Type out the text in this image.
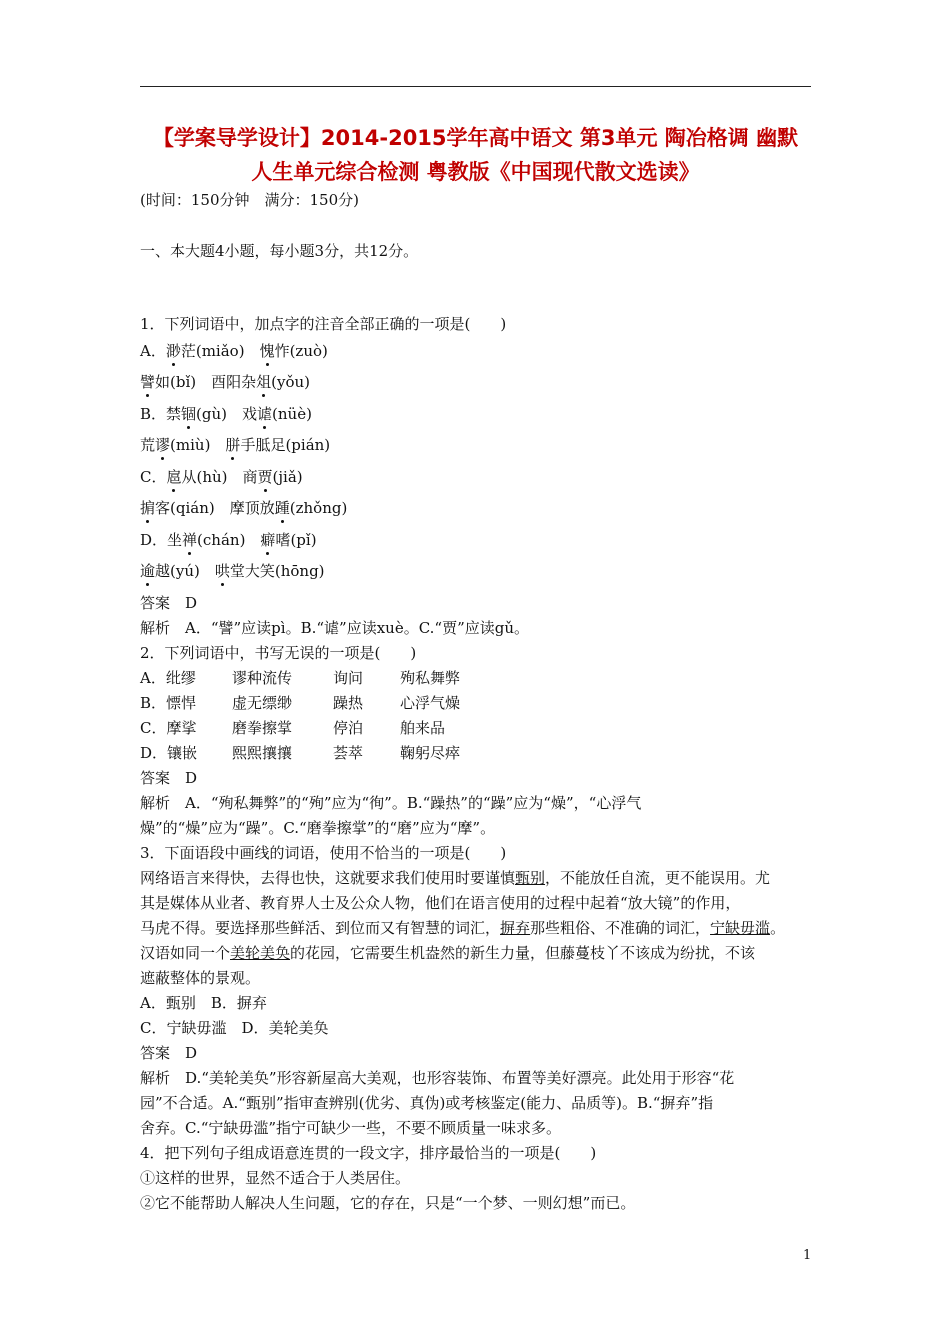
【学案导学设计】2014-2015学年高中语文 第3单元 陶冶格调 幽默
人生单元综合检测 粤教版《中国现代散文选读》
(时间：150分钟　满分：150分)
一、本大题4小题，每小题3分，共12分。
1．下列词语中，加点字的注音全部正确的一项是(　　)
A．渺茫(miǎo)　愧怍(zuò)
譬如(bǐ)　酉阳杂俎(yǒu)
B．禁锢(gù)　戏谑(nüè)
荒谬(miù)　胼手胝足(pián)
C．扈从(hù)　商贾(jiǎ)
掮客(qián)　摩顶放踵(zhǒng)
D．坐禅(chán)　癖嗜(pǐ)
逾越(yú)　哄堂大笑(hōng)
答案　D
解析　A．“譬”应读pì。B.“谑”应读xuè。C.“贾”应读gǔ。
2．下列词语中，书写无误的一项是(　　)
A．纰缪 谬种流传	询问 殉私舞弊
B．慓悍 虚无缥缈	躁热 心浮气燥
C．摩挲 磨拳擦掌	停泊 舶来品
D．镶嵌 熙熙攘攘	荟萃 鞠躬尽瘁
答案　D
解析　A．“殉私舞弊”的“殉”应为“徇”。B.“躁热”的“躁”应为“燥”，“心浮气
燥”的“燥”应为“躁”。C.“磨拳擦掌”的“磨”应为“摩”。
3．下面语段中画线的词语，使用不恰当的一项是(　　)
网络语言来得快，去得也快，这就要求我们使用时要谨慎甄别，不能放任自流，更不能误用。尤
其是媒体从业者、教育界人士及公众人物，他们在语言使用的过程中起着“放大镜”的作用，
马虎不得。要选择那些鲜活、到位而又有智慧的词汇，摒弃那些粗俗、不准确的词汇，宁缺毋滥。
汉语如同一个美轮美奂的花园，它需要生机盎然的新生力量，但藤蔓枝丫不该成为纷扰，不该
遮蔽整体的景观。
A．甄别　B．摒弃
C．宁缺毋滥　D．美轮美奂
答案　D
解析　D.“美轮美奂”形容新屋高大美观，也形容装饰、布置等美好漂亮。此处用于形容“花
园”不合适。A.“甄别”指审查辨别(优劣、真伪)或考核鉴定(能力、品质等)。B.“摒弃”指
舍弃。C.“宁缺毋滥”指宁可缺少一些，不要不顾质量一味求多。
4．把下列句子组成语意连贯的一段文字，排序最恰当的一项是(　　)
①这样的世界，显然不适合于人类居住。
②它不能帮助人解决人生问题，它的存在，只是“一个梦、一则幻想”而已。
1
